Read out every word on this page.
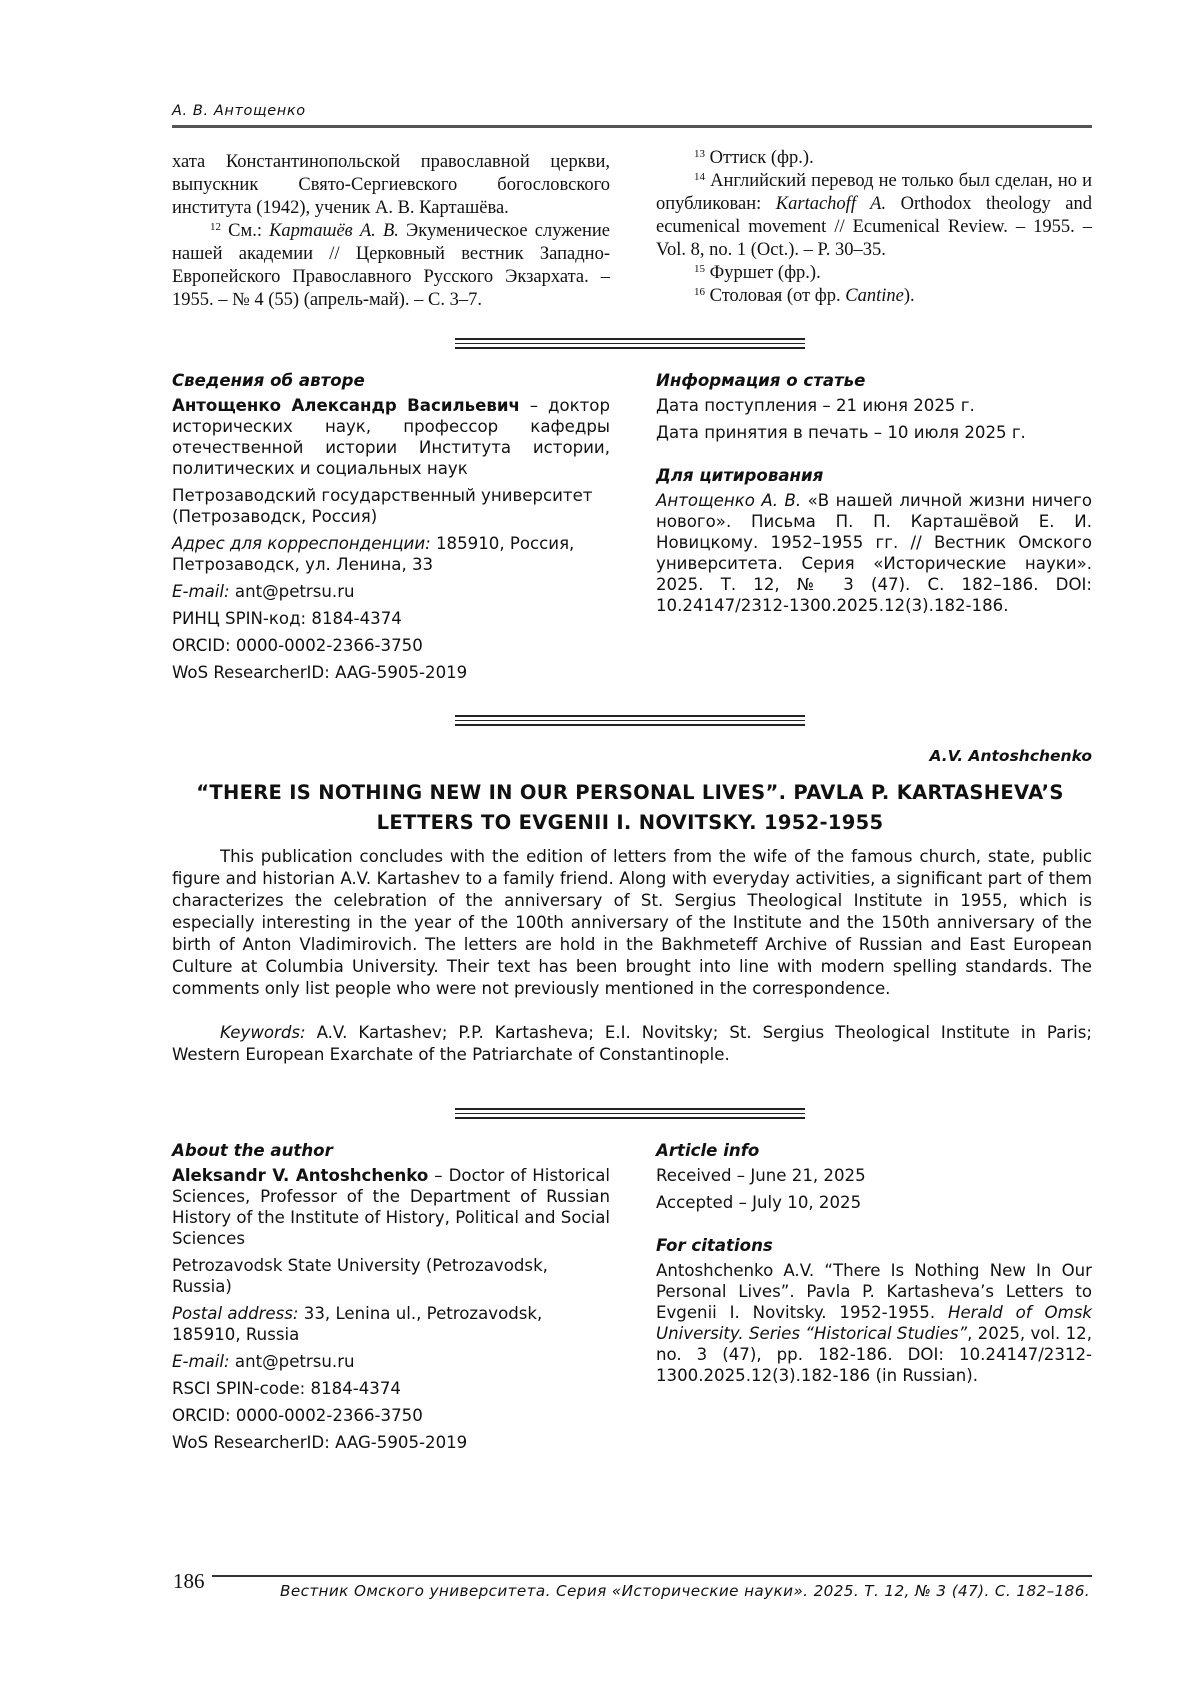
А. В. Антощенко

хата Константинопольской православной церкви, выпускник Свято-Сергиевского богословского института (1942), ученик А. В. Карташёва.

$^{12}$ См.: Карташёв А. В. Экуменическое служение нашей академии // Церковный вестник Западно-Европейского Православного Русского Экзархата. – 1955. – № 4 (55) (апрель-май). – С. 3–7.

$^{13}$ Оттиск (фр.).

$^{14}$ Английский перевод не только был сделан, но и опубликован: Kartachoff A. Orthodox theology and ecumenical movement // Ecumenical Review. – 1955. – Vol. 8, no. 1 (Oct.). – P. 30–35.

$^{15}$ Фуршет (фр.).

$^{16}$ Столовая (от фр. Cantine).

Сведения об авторе

Антощенко Александр Васильевич – доктор исторических наук, профессор кафедры отечественной истории Института истории, политических и социальных наук

Петрозаводский государственный университет (Петрозаводск, Россия)

Адрес для корреспонденции: 185910, Россия, Петрозаводск, ул. Ленина, 33

E-mail: ant@petrsu.ru

РИНЦ SPIN-код: 8184-4374

ORCID: 0000-0002-2366-3750

WoS ResearcherID: AAG-5905-2019

Информация о статье

Дата поступления – 21 июня 2025 г.

Дата принятия в печать – 10 июля 2025 г.

Для цитирования

Антощенко А. В. «В нашей личной жизни ничего нового». Письма П. П. Карташёвой Е. И. Новицкому. 1952–1955 гг. // Вестник Омского университета. Серия «Исторические науки». 2025. Т. 12, № 3 (47). С. 182–186. DOI: 10.24147/2312-1300.2025.12(3).182-186.

A.V. Antoshchenko
“THERE IS NOTHING NEW IN OUR PERSONAL LIVES”. PAVLA P. KARTASHEVA’S LETTERS TO EVGENII I. NOVITSKY. 1952-1955

This publication concludes with the edition of letters from the wife of the famous church, state, public figure and historian A.V. Kartashev to a family friend. Along with everyday activities, a significant part of them characterizes the celebration of the anniversary of St. Sergius Theological Institute in 1955, which is especially interesting in the year of the 100th anniversary of the Institute and the 150th anniversary of the birth of Anton Vladimirovich. The letters are hold in the Bakhmeteff Archive of Russian and East European Culture at Columbia University. Their text has been brought into line with modern spelling standards. The comments only list people who were not previously mentioned in the correspondence.

Keywords: A.V. Kartashev; P.P. Kartasheva; E.I. Novitsky; St. Sergius Theological Institute in Paris; Western European Exarchate of the Patriarchate of Constantinople.

About the author

Aleksandr V. Antoshchenko – Doctor of Historical Sciences, Professor of the Department of Russian History of the Institute of History, Political and Social Sciences

Petrozavodsk State University (Petrozavodsk, Russia)

Postal address: 33, Lenina ul., Petrozavodsk, 185910, Russia

E-mail: ant@petrsu.ru

RSCI SPIN-code: 8184-4374

ORCID: 0000-0002-2366-3750

WoS ResearcherID: AAG-5905-2019

Article info

Received – June 21, 2025

Accepted – July 10, 2025

For citations

Antoshchenko A.V. “There Is Nothing New In Our Personal Lives”. Pavla P. Kartasheva’s Letters to Evgenii I. Novitsky. 1952-1955. Herald of Omsk University. Series “Historical Studies”, 2025, vol. 12, no. 3 (47), pp. 182-186. DOI: 10.24147/2312-1300.2025.12(3).182-186 (in Russian).

186	Вестник Омского университета. Серия «Исторические науки». 2025. Т. 12, № 3 (47). С. 182–186.
